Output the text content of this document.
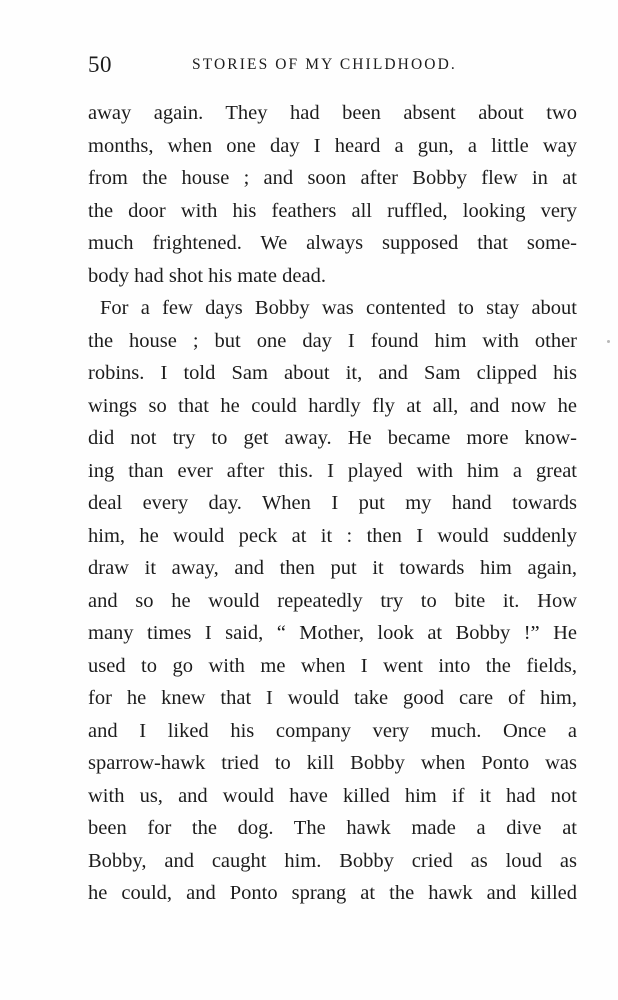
50	STORIES OF MY CHILDHOOD.
away again. They had been absent about two
months, when one day I heard a gun, a little way
from the house ; and soon after Bobby flew in at
the door with his feathers all ruffled, looking very
much frightened. We always supposed that some-
body had shot his mate dead.
For a few days Bobby was contented to stay about
the house ; but one day I found him with other
robins. I told Sam about it, and Sam clipped his
wings so that he could hardly fly at all, and now he
did not try to get away. He became more know-
ing than ever after this. I played with him a great
deal every day. When I put my hand towards
him, he would peck at it : then I would suddenly
draw it away, and then put it towards him again,
and so he would repeatedly try to bite it. How
many times I said, “ Mother, look at Bobby !” He
used to go with me when I went into the fields,
for he knew that I would take good care of him,
and I liked his company very much. Once a
sparrow-hawk tried to kill Bobby when Ponto was
with us, and would have killed him if it had not
been for the dog. The hawk made a dive at
Bobby, and caught him. Bobby cried as loud as
he could, and Ponto sprang at the hawk and killed
